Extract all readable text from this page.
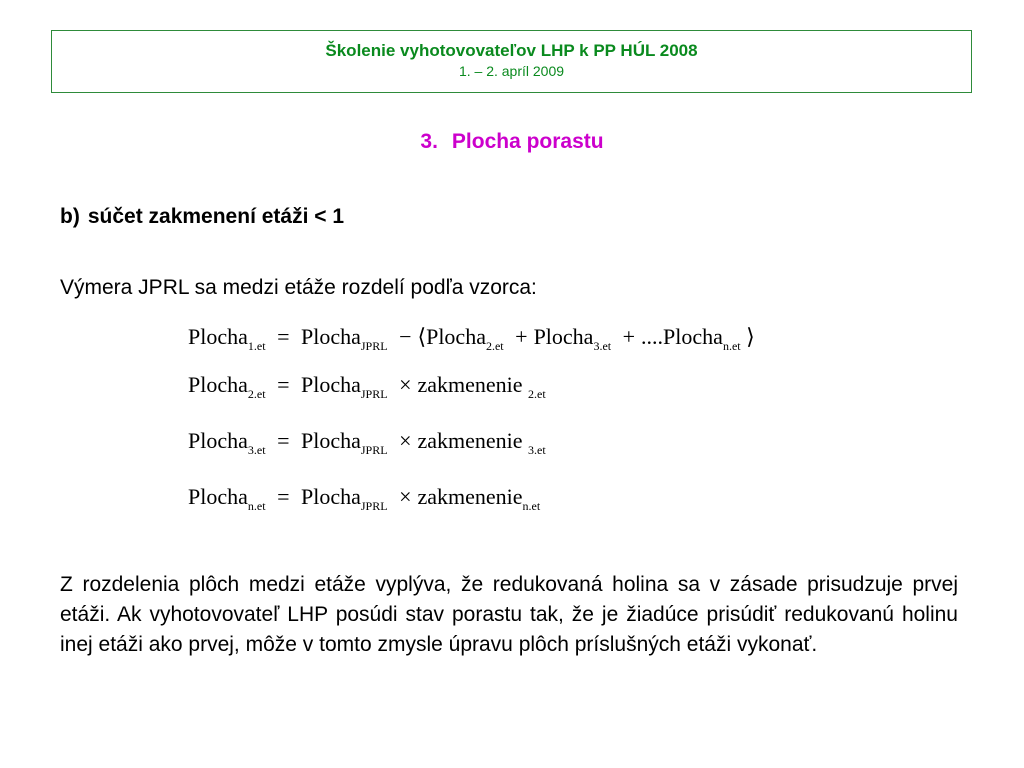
Školenie vyhotovovateľov LHP k PP HÚL 2008
1. – 2. apríl 2009
3. Plocha porastu
b) súčet zakmenení etáži < 1
Výmera JPRL sa medzi etáže rozdelí podľa vzorca:
Plocha$_{1.et}$ = Plocha$_{JPRL}$ − ⟨Plocha$_{2.et}$ + Plocha$_{3.et}$ + ....Plocha$_{n.et}$ ⟩
Plocha$_{2.et}$ = Plocha$_{JPRL}$ × zakmenenie $_{2.et}$
Plocha$_{3.et}$ = Plocha$_{JPRL}$ × zakmenenie $_{3.et}$
Plocha$_{n.et}$ = Plocha$_{JPRL}$ × zakmenenie$_{n.et}$
Z rozdelenia plôch medzi etáže vyplýva, že redukovaná holina sa v zásade prisudzuje prvej etáži. Ak vyhotovovateľ LHP posúdi stav porastu tak, že je žiadúce prisúdiť redukovanú holinu inej etáži ako prvej, môže v tomto zmysle úpravu plôch príslušných etáži vykonať.
